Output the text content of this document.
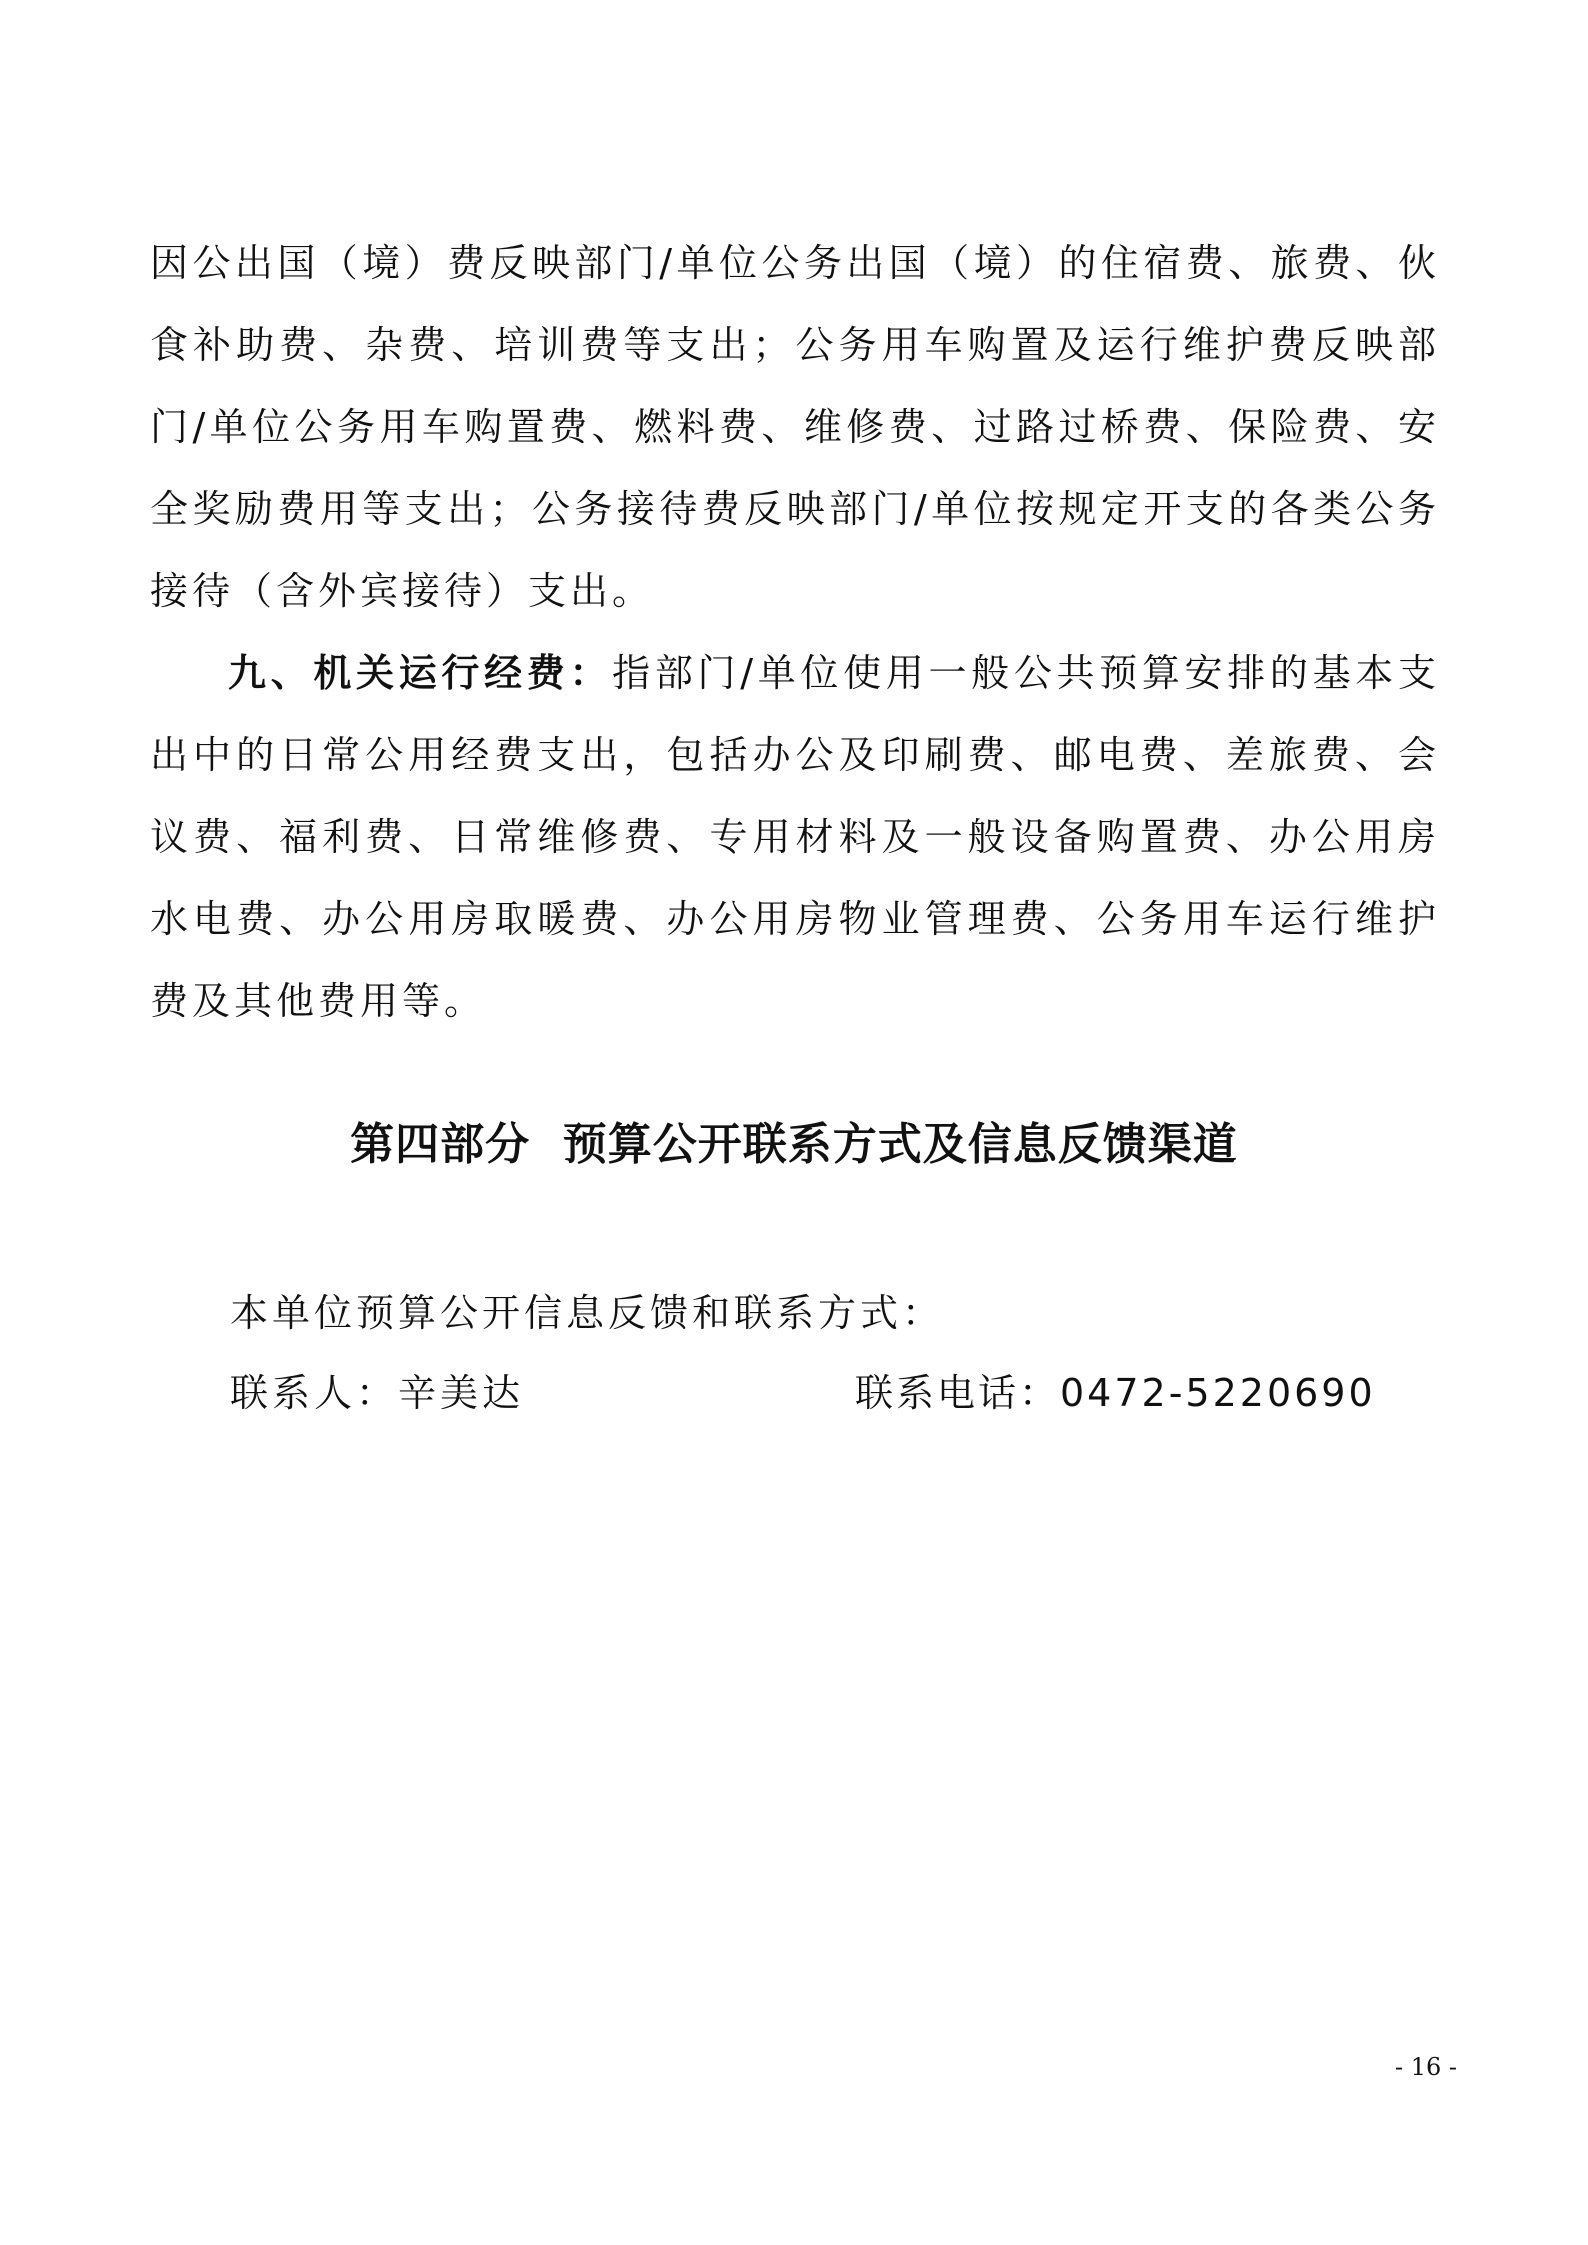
因公出国（境）费反映部门/单位公务出国（境）的住宿费、旅费、伙
食补助费、杂费、培训费等支出；公务用车购置及运行维护费反映部
门/单位公务用车购置费、燃料费、维修费、过路过桥费、保险费、安
全奖励费用等支出；公务接待费反映部门/单位按规定开支的各类公务
接待（含外宾接待）支出。
九、机关运行经费：指部门/单位使用一般公共预算安排的基本支
出中的日常公用经费支出，包括办公及印刷费、邮电费、差旅费、会
议费、福利费、日常维修费、专用材料及一般设备购置费、办公用房
水电费、办公用房取暖费、办公用房物业管理费、公务用车运行维护
费及其他费用等。
第四部分  预算公开联系方式及信息反馈渠道
本单位预算公开信息反馈和联系方式：
联系人：辛美达	联系电话：0472-5220690
- 16 -
